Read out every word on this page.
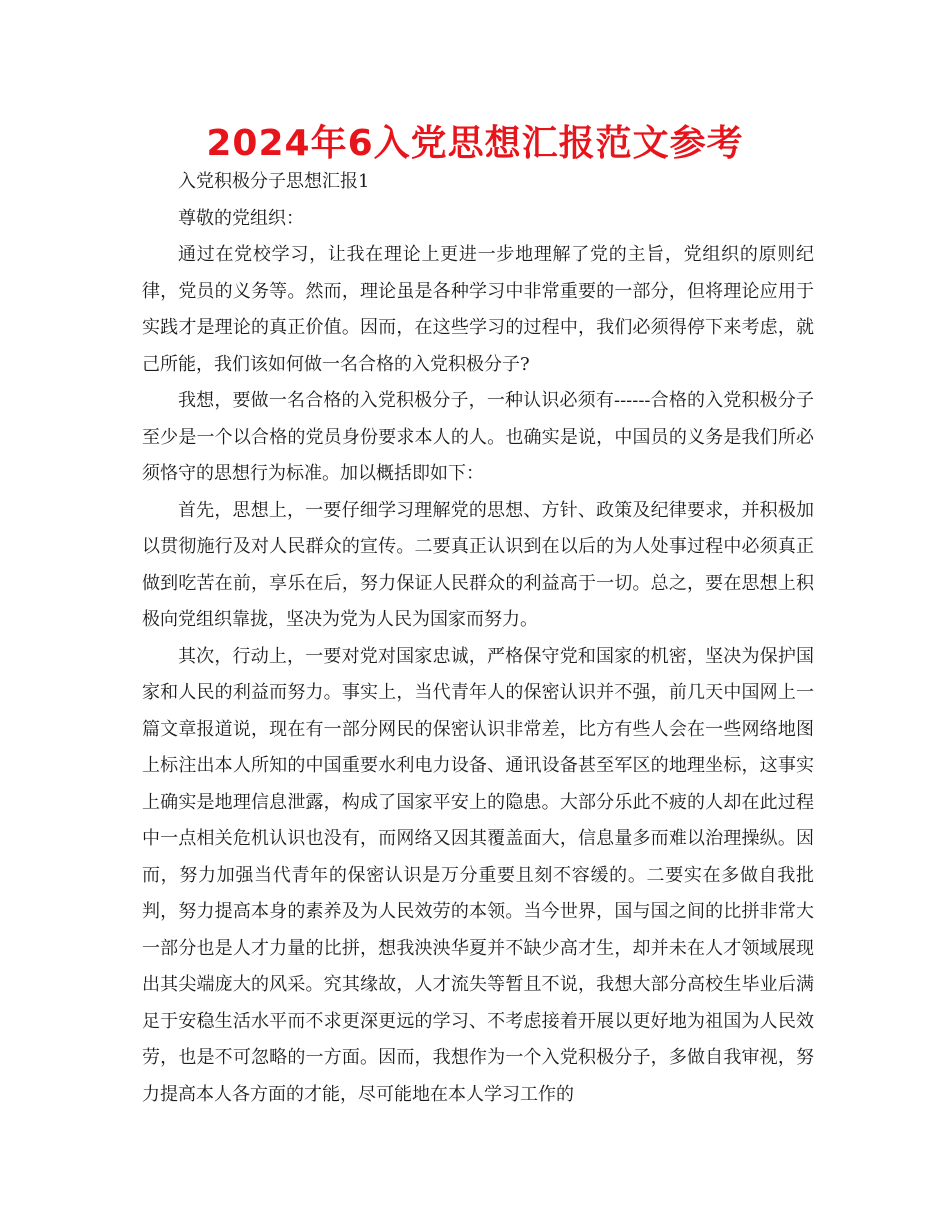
2024年6入党思想汇报范文参考

入党积极分子思想汇报1

尊敬的党组织：

通过在党校学习，让我在理论上更进一步地理解了党的主旨，党组织的原则纪律，党员的义务等。然而，理论虽是各种学习中非常重要的一部分，但将理论应用于实践才是理论的真正价值。因而，在这些学习的过程中，我们必须得停下来考虑，就己所能，我们该如何做一名合格的入党积极分子?

我想，要做一名合格的入党积极分子，一种认识必须有------合格的入党积极分子至少是一个以合格的党员身份要求本人的人。也确实是说，中国员的义务是我们所必须恪守的思想行为标准。加以概括即如下：

首先，思想上，一要仔细学习理解党的思想、方针、政策及纪律要求，并积极加以贯彻施行及对人民群众的宣传。二要真正认识到在以后的为人处事过程中必须真正做到吃苦在前，享乐在后，努力保证人民群众的利益高于一切。总之，要在思想上积极向党组织靠拢，坚决为党为人民为国家而努力。

其次，行动上，一要对党对国家忠诚，严格保守党和国家的机密，坚决为保护国家和人民的利益而努力。事实上，当代青年人的保密认识并不强，前几天中国网上一篇文章报道说，现在有一部分网民的保密认识非常差，比方有些人会在一些网络地图上标注出本人所知的中国重要水利电力设备、通讯设备甚至军区的地理坐标，这事实上确实是地理信息泄露，构成了国家平安上的隐患。大部分乐此不疲的人却在此过程中一点相关危机认识也没有，而网络又因其覆盖面大，信息量多而难以治理操纵。因而，努力加强当代青年的保密认识是万分重要且刻不容缓的。二要实在多做自我批判，努力提高本身的素养及为人民效劳的本领。当今世界，国与国之间的比拼非常大一部分也是人才力量的比拼，想我泱泱华夏并不缺少高才生，却并未在人才领域展现出其尖端庞大的风采。究其缘故，人才流失等暂且不说，我想大部分高校生毕业后满足于安稳生活水平而不求更深更远的学习、不考虑接着开展以更好地为祖国为人民效劳，也是不可忽略的一方面。因而，我想作为一个入党积极分子，多做自我审视，努力提高本人各方面的才能，尽可能地在本人学习工作的
